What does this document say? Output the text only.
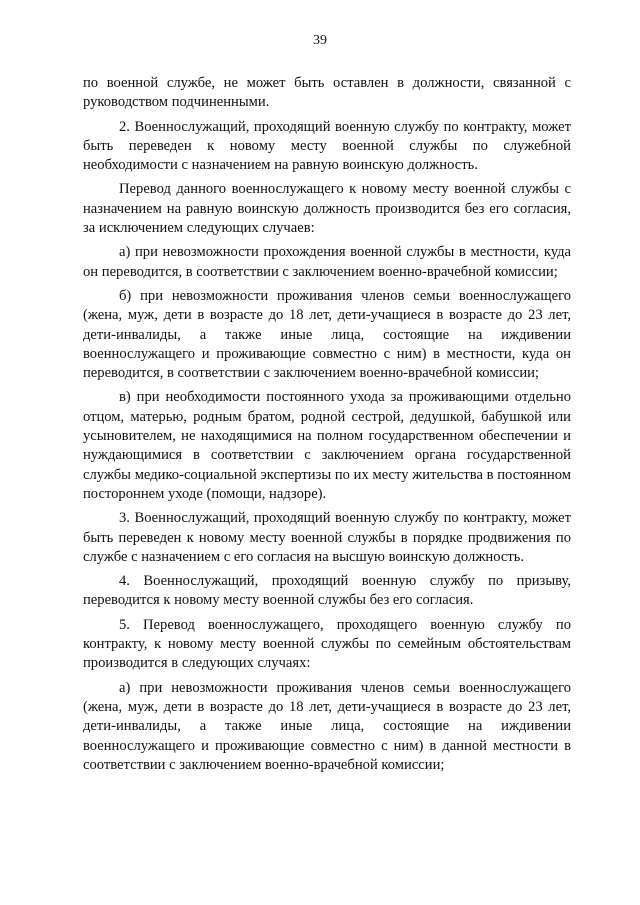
39

по военной службе, не может быть оставлен в должности, связанной с руководством подчиненными.

2. Военнослужащий, проходящий военную службу по контракту, может быть переведен к новому месту военной службы по служебной необходимости с назначением на равную воинскую должность.

Перевод данного военнослужащего к новому месту военной службы с назначением на равную воинскую должность производится без его согласия, за исключением следующих случаев:

а) при невозможности прохождения военной службы в местности, куда он переводится, в соответствии с заключением военно-врачебной комиссии;

б) при невозможности проживания членов семьи военнослужащего (жена, муж, дети в возрасте до 18 лет, дети-учащиеся в возрасте до 23 лет, дети-инвалиды, а также иные лица, состоящие на иждивении военнослужащего и проживающие совместно с ним) в местности, куда он переводится, в соответствии с заключением военно-врачебной комиссии;

в) при необходимости постоянного ухода за проживающими отдельно отцом, матерью, родным братом, родной сестрой, дедушкой, бабушкой или усыновителем, не находящимися на полном государственном обеспечении и нуждающимися в соответствии с заключением органа государственной службы медико-социальной экспертизы по их месту жительства в постоянном постороннем уходе (помощи, надзоре).

3. Военнослужащий, проходящий военную службу по контракту, может быть переведен к новому месту военной службы в порядке продвижения по службе с назначением с его согласия на высшую воинскую должность.

4. Военнослужащий, проходящий военную службу по призыву, переводится к новому месту военной службы без его согласия.

5. Перевод военнослужащего, проходящего военную службу по контракту, к новому месту военной службы по семейным обстоятельствам производится в следующих случаях:

а) при невозможности проживания членов семьи военнослужащего (жена, муж, дети в возрасте до 18 лет, дети-учащиеся в возрасте до 23 лет, дети-инвалиды, а также иные лица, состоящие на иждивении военнослужащего и проживающие совместно с ним) в данной местности в соответствии с заключением военно-врачебной комиссии;
